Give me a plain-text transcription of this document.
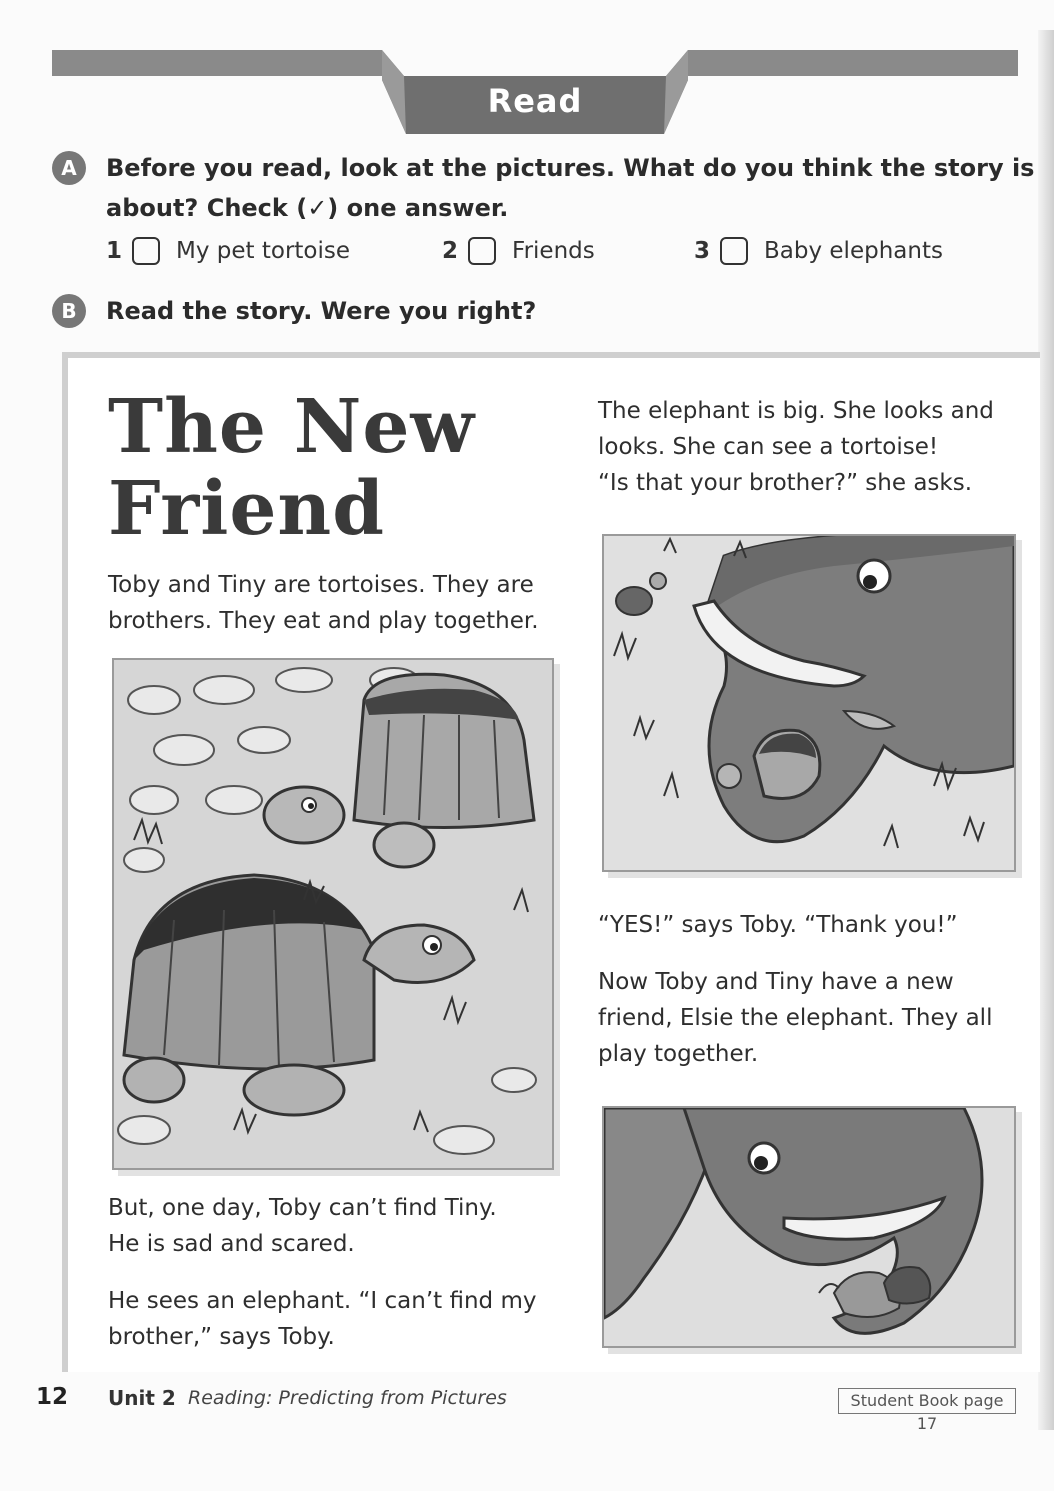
Read
A	Before you read, look at the pictures. What do you think the story is
about? Check (✓) one answer.
1 My pet tortoise	2 Friends	3 Baby elephants
B	Read the story. Were you right?
The New
Friend
Toby and Tiny are tortoises. They are
brothers. They eat and play together.
But, one day, Toby can’t find Tiny.
He is sad and scared.
He sees an elephant. “I can’t find my
brother,” says Toby.
The elephant is big. She looks and
looks. She can see a tortoise!
“Is that your brother?” she asks.
“YES!” says Toby. “Thank you!”
Now Toby and Tiny have a new
friend, Elsie the elephant. They all
play together.
12 Unit 2 Reading: Predicting from Pictures	Student Book page 17
